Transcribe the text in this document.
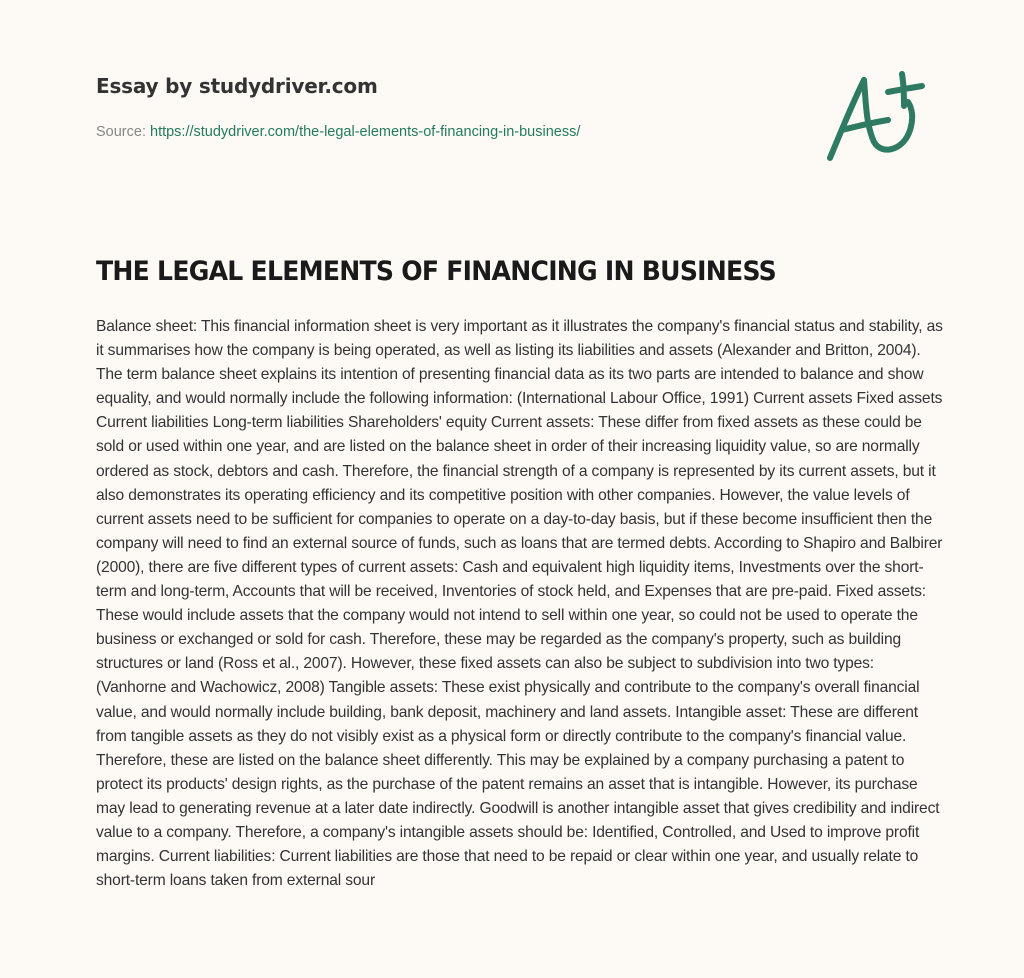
Essay by studydriver.com
Source: https://studydriver.com/the-legal-elements-of-financing-in-business/
THE LEGAL ELEMENTS OF FINANCING IN BUSINESS

Balance sheet: This financial information sheet is very important as it illustrates the company's financial status and stability, as it summarises how the company is being operated, as well as listing its liabilities and assets (Alexander and Britton, 2004). The term balance sheet explains its intention of presenting financial data as its two parts are intended to balance and show equality, and would normally include the following information: (International Labour Office, 1991) Current assets Fixed assets Current liabilities Long-term liabilities Shareholders' equity Current assets: These differ from fixed assets as these could be sold or used within one year, and are listed on the balance sheet in order of their increasing liquidity value, so are normally ordered as stock, debtors and cash. Therefore, the financial strength of a company is represented by its current assets, but it also demonstrates its operating efficiency and its competitive position with other companies. However, the value levels of current assets need to be sufficient for companies to operate on a day-to-day basis, but if these become insufficient then the company will need to find an external source of funds, such as loans that are termed debts. According to Shapiro and Balbirer (2000), there are five different types of current assets: Cash and equivalent high liquidity items, Investments over the short-term and long-term, Accounts that will be received, Inventories of stock held, and Expenses that are pre-paid. Fixed assets: These would include assets that the company would not intend to sell within one year, so could not be used to operate the business or exchanged or sold for cash. Therefore, these may be regarded as the company's property, such as building structures or land (Ross et al., 2007). However, these fixed assets can also be subject to subdivision into two types: (Vanhorne and Wachowicz, 2008) Tangible assets: These exist physically and contribute to the company's overall financial value, and would normally include building, bank deposit, machinery and land assets. Intangible asset: These are different from tangible assets as they do not visibly exist as a physical form or directly contribute to the company's financial value. Therefore, these are listed on the balance sheet differently. This may be explained by a company purchasing a patent to protect its products' design rights, as the purchase of the patent remains an asset that is intangible. However, its purchase may lead to generating revenue at a later date indirectly. Goodwill is another intangible asset that gives credibility and indirect value to a company. Therefore, a company's intangible assets should be: Identified, Controlled, and Used to improve profit margins. Current liabilities: Current liabilities are those that need to be repaid or clear within one year, and usually relate to short-term loans taken from external sour
